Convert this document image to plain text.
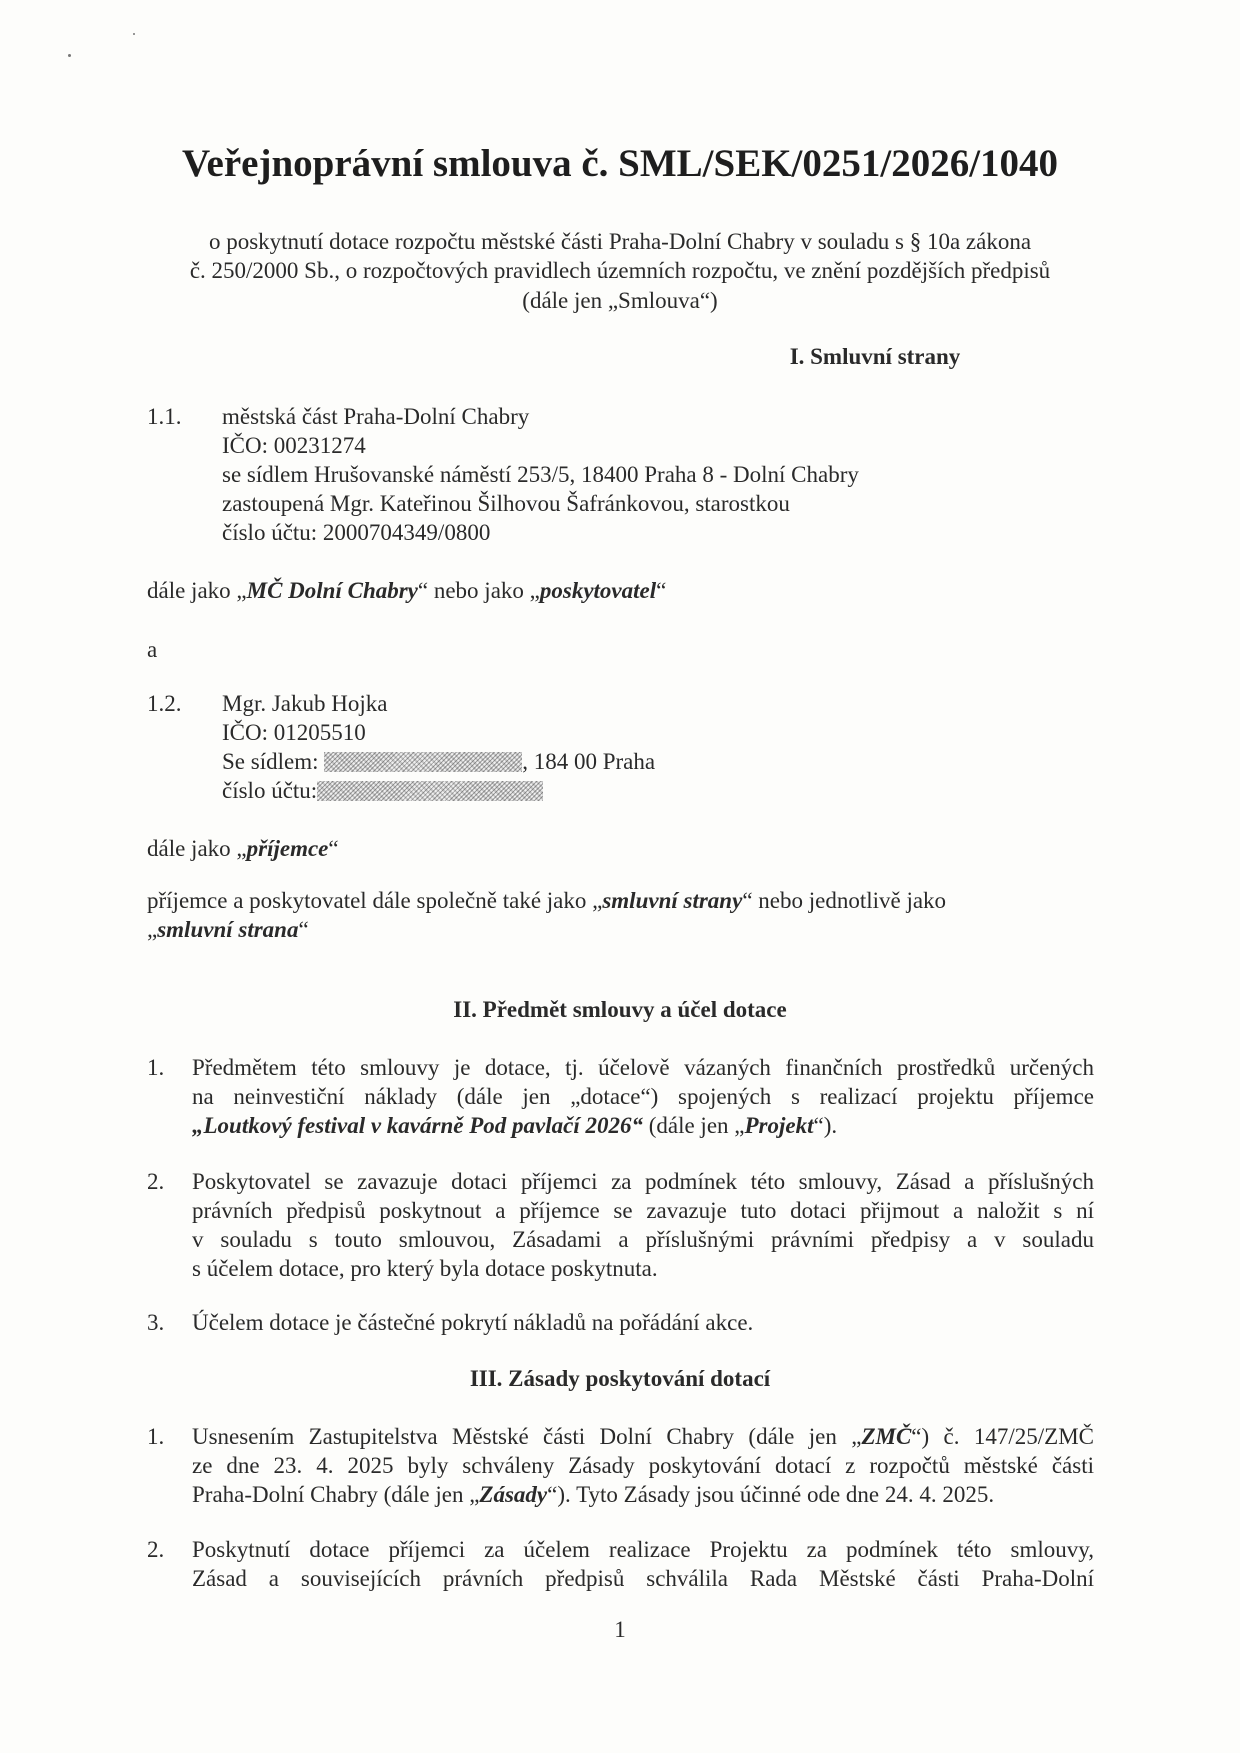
Veřejnoprávní smlouva č. SML/SEK/0251/2026/1040
o poskytnutí dotace rozpočtu městské části Praha-Dolní Chabry v souladu s § 10a zákona
č. 250/2000 Sb., o rozpočtových pravidlech územních rozpočtu, ve znění pozdějších předpisů
(dále jen „Smlouva“)
I. Smluvní strany
1.1. městská část Praha-Dolní Chabry
IČO: 00231274
se sídlem Hrušovanské náměstí 253/5, 18400 Praha 8 - Dolní Chabry
zastoupená Mgr. Kateřinou Šilhovou Šafránkovou, starostkou
číslo účtu: 2000704349/0800
dále jako „MČ Dolní Chabry“ nebo jako „poskytovatel“
a
1.2. Mgr. Jakub Hojka
IČO: 01205510
Se sídlem:	, 184 00 Praha
číslo účtu:
dále jako „příjemce“
příjemce a poskytovatel dále společně také jako „smluvní strany“ nebo jednotlivě jako
„smluvní strana“
II. Předmět smlouvy a účel dotace
1. Předmětem této smlouvy je dotace, tj. účelově vázaných finančních prostředků určených
na neinvestiční náklady (dále jen „dotace“) spojených s realizací projektu příjemce
„Loutkový festival v kavárně Pod pavlačí 2026“ (dále jen „Projekt“).
2. Poskytovatel se zavazuje dotaci příjemci za podmínek této smlouvy, Zásad a příslušných
právních předpisů poskytnout a příjemce se zavazuje tuto dotaci přijmout a naložit s ní
v souladu s touto smlouvou, Zásadami a příslušnými právními předpisy a v souladu
s účelem dotace, pro který byla dotace poskytnuta.
3. Účelem dotace je částečné pokrytí nákladů na pořádání akce.
III. Zásady poskytování dotací
1. Usnesením Zastupitelstva Městské části Dolní Chabry (dále jen „ZMČ“) č. 147/25/ZMČ
ze dne 23. 4. 2025 byly schváleny Zásady poskytování dotací z rozpočtů městské části
Praha-Dolní Chabry (dále jen „Zásady“). Tyto Zásady jsou účinné ode dne 24. 4. 2025.
2. Poskytnutí dotace příjemci za účelem realizace Projektu za podmínek této smlouvy,
Zásad a souvisejících právních předpisů schválila Rada Městské části Praha-Dolní
1
